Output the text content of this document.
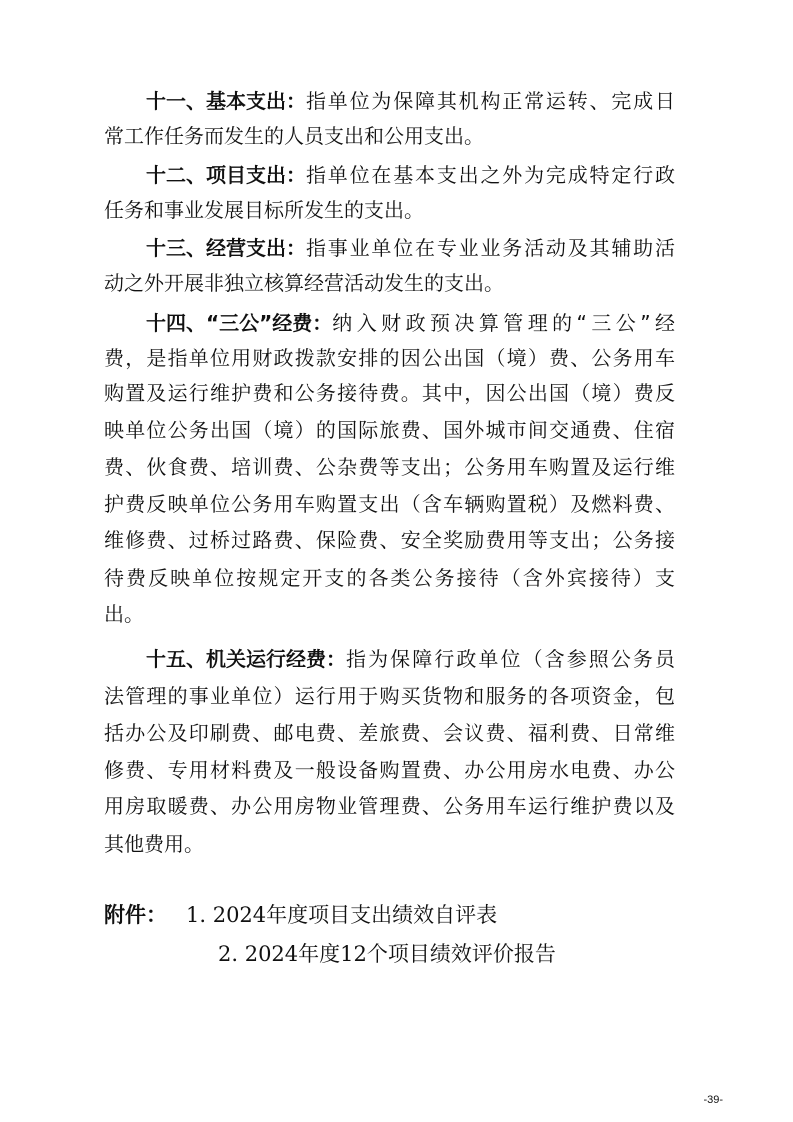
十一、基本支出： 指单位为保障其机构正常运转、完成日
常工作任务而发生的人员支出和公用支出。
十二、项目支出： 指单位在基本支出之外为完成特定行政
任务和事业发展目标所发生的支出。
十三、经营支出： 指事业单位在专业业务活动及其辅助活
动之外开展非独立核算经营活动发生的支出。
十四、“三公”经费： 纳入财政预决算管理的“三公”经
费，是指单位用财政拨款安排的因公出国（境）费、公务用车
购置及运行维护费和公务接待费。其中，因公出国（境）费反
映单位公务出国（境）的国际旅费、国外城市间交通费、住宿
费、伙食费、培训费、公杂费等支出；公务用车购置及运行维
护费反映单位公务用车购置支出（含车辆购置税）及燃料费、
维修费、过桥过路费、保险费、安全奖励费用等支出；公务接
待费反映单位按规定开支的各类公务接待（含外宾接待）支
出。
十五、机关运行经费： 指为保障行政单位（含参照公务员
法管理的事业单位）运行用于购买货物和服务的各项资金，包
括办公及印刷费、邮电费、差旅费、会议费、福利费、日常维
修费、专用材料费及一般设备购置费、办公用房水电费、办公
用房取暖费、办公用房物业管理费、公务用车运行维护费以及
其他费用。
附件： 1. 2024年度项目支出绩效自评表
2. 2024年度12个项目绩效评价报告
-39-
